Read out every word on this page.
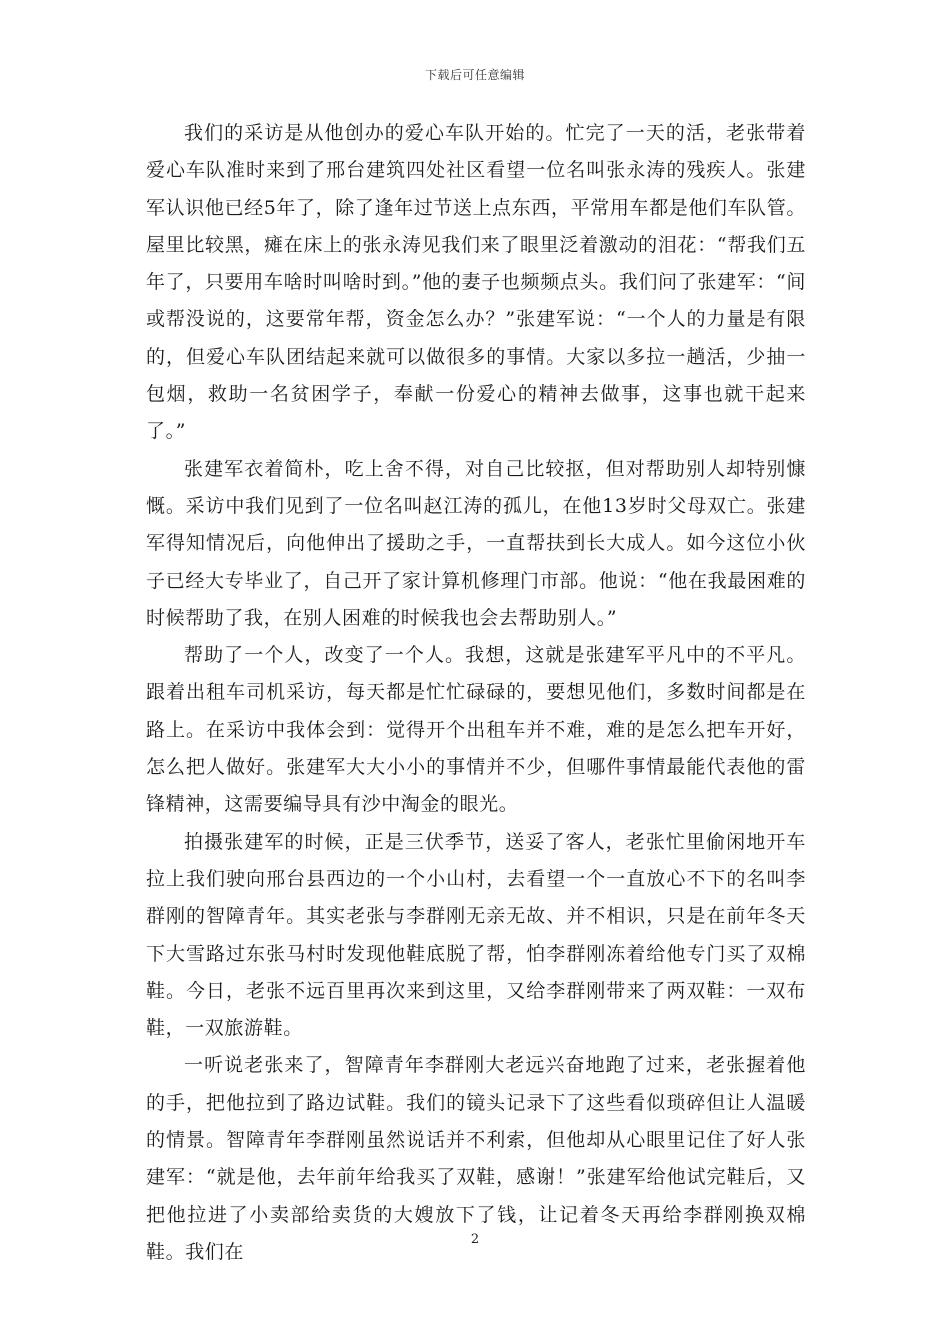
下载后可任意编辑

我们的采访是从他创办的爱心车队开始的。忙完了一天的活，老张带着爱心车队准时来到了邢台建筑四处社区看望一位名叫张永涛的残疾人。张建军认识他已经5年了，除了逢年过节送上点东西，平常用车都是他们车队管。屋里比较黑，瘫在床上的张永涛见我们来了眼里泛着激动的泪花：“帮我们五年了，只要用车啥时叫啥时到。”他的妻子也频频点头。我们问了张建军：“间或帮没说的，这要常年帮，资金怎么办？”张建军说：“一个人的力量是有限的，但爱心车队团结起来就可以做很多的事情。大家以多拉一趟活，少抽一包烟，救助一名贫困学子，奉献一份爱心的精神去做事，这事也就干起来了。”

张建军衣着简朴，吃上舍不得，对自己比较抠，但对帮助别人却特别慷慨。采访中我们见到了一位名叫赵江涛的孤儿，在他13岁时父母双亡。张建军得知情况后，向他伸出了援助之手，一直帮扶到长大成人。如今这位小伙子已经大专毕业了，自己开了家计算机修理门市部。他说：“他在我最困难的时候帮助了我，在别人困难的时候我也会去帮助别人。”

帮助了一个人，改变了一个人。我想，这就是张建军平凡中的不平凡。跟着出租车司机采访，每天都是忙忙碌碌的，要想见他们，多数时间都是在路上。在采访中我体会到：觉得开个出租车并不难，难的是怎么把车开好，怎么把人做好。张建军大大小小的事情并不少，但哪件事情最能代表他的雷锋精神，这需要编导具有沙中淘金的眼光。

拍摄张建军的时候，正是三伏季节，送妥了客人，老张忙里偷闲地开车拉上我们驶向邢台县西边的一个小山村，去看望一个一直放心不下的名叫李群刚的智障青年。其实老张与李群刚无亲无故、并不相识，只是在前年冬天下大雪路过东张马村时发现他鞋底脱了帮，怕李群刚冻着给他专门买了双棉鞋。今日，老张不远百里再次来到这里，又给李群刚带来了两双鞋：一双布鞋，一双旅游鞋。

一听说老张来了，智障青年李群刚大老远兴奋地跑了过来，老张握着他的手，把他拉到了路边试鞋。我们的镜头记录下了这些看似琐碎但让人温暖的情景。智障青年李群刚虽然说话并不利索，但他却从心眼里记住了好人张建军：“就是他，去年前年给我买了双鞋，感谢！”张建军给他试完鞋后，又把他拉进了小卖部给卖货的大嫂放下了钱，让记着冬天再给李群刚换双棉鞋。我们在

2
